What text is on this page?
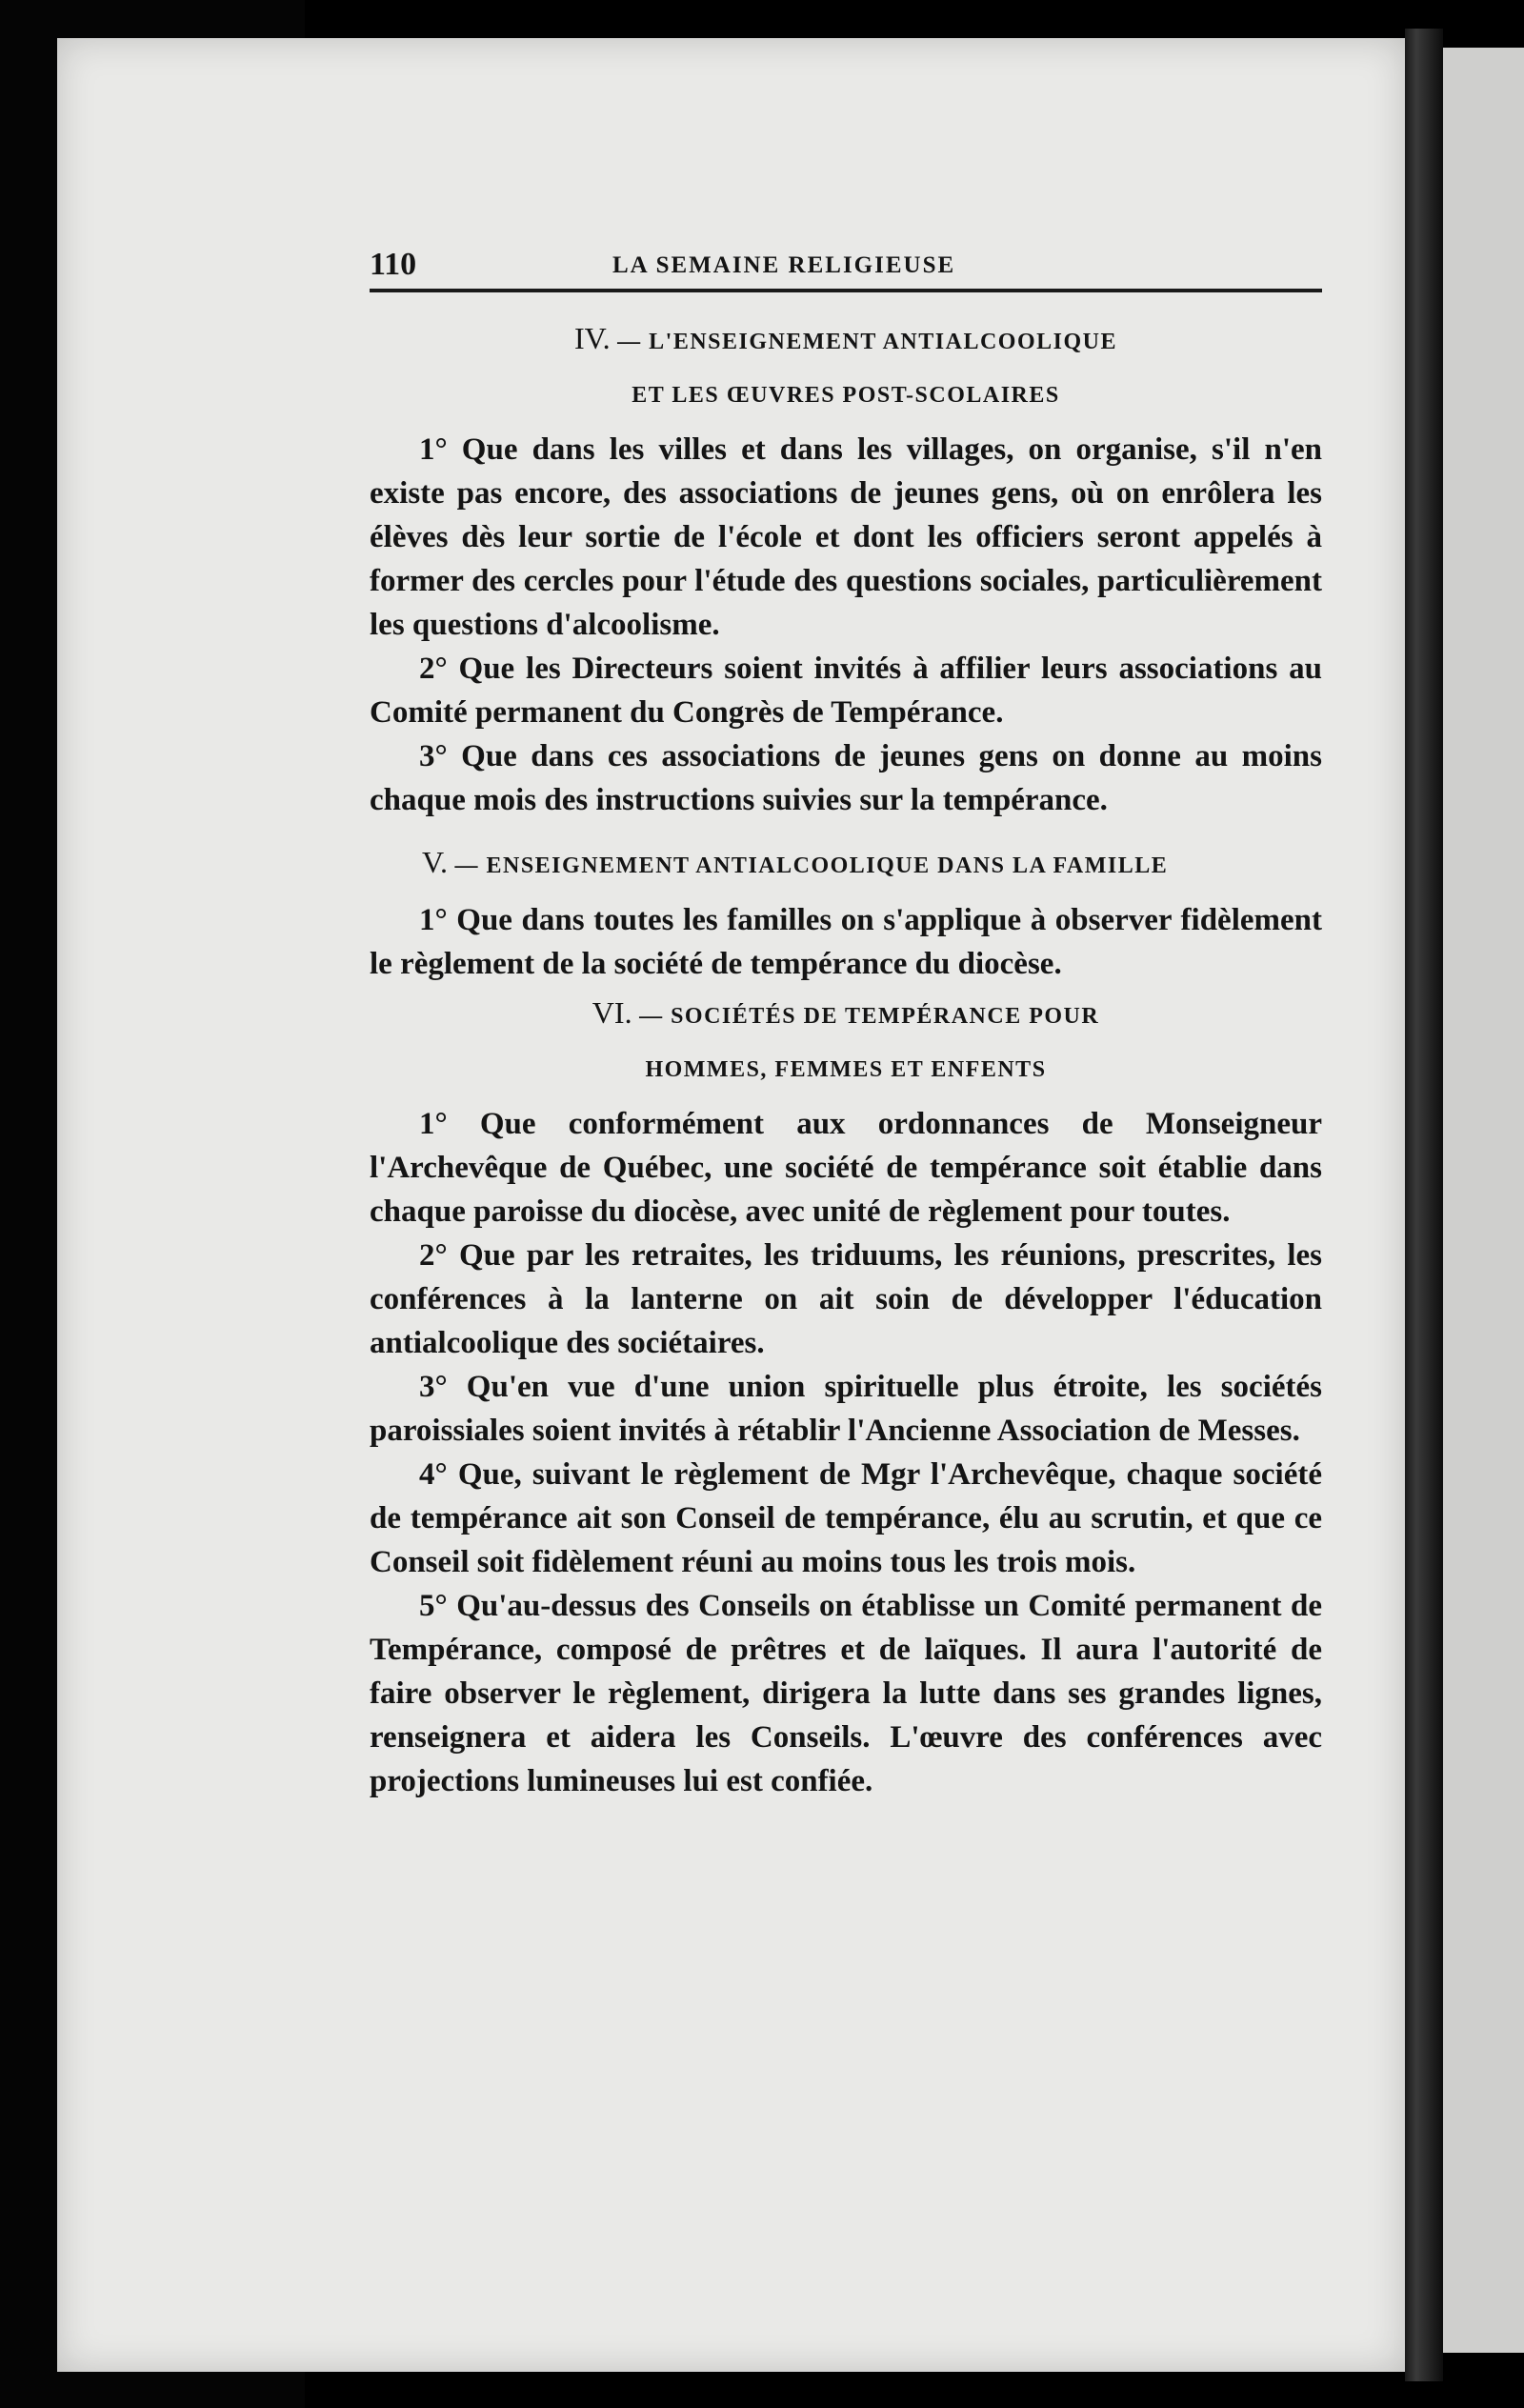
110	LA SEMAINE RELIGIEUSE
IV. — L'ENSEIGNEMENT ANTIALCOOLIQUE
ET LES ŒUVRES POST-SCOLAIRES

1° Que dans les villes et dans les villages, on organise, s'il n'en existe pas encore, des associations de jeunes gens, où on enrôlera les élèves dès leur sortie de l'école et dont les officiers seront appelés à former des cercles pour l'étude des questions sociales, particulièrement les questions d'alcoolisme.

2° Que les Directeurs soient invités à affilier leurs associations au Comité permanent du Congrès de Tempérance.

3° Que dans ces associations de jeunes gens on donne au moins chaque mois des instructions suivies sur la tempérance.

V. — ENSEIGNEMENT ANTIALCOOLIQUE DANS LA FAMILLE

1° Que dans toutes les familles on s'applique à observer fidèlement le règlement de la société de tempérance du diocèse.

VI. — SOCIÉTÉS DE TEMPÉRANCE POUR
HOMMES, FEMMES ET ENFENTS

1° Que conformément aux ordonnances de Monseigneur l'Archevêque de Québec, une société de tempérance soit établie dans chaque paroisse du diocèse, avec unité de règlement pour toutes.

2° Que par les retraites, les triduums, les réunions, prescrites, les conférences à la lanterne on ait soin de développer l'éducation antialcoolique des sociétaires.

3° Qu'en vue d'une union spirituelle plus étroite, les sociétés paroissiales soient invités à rétablir l'Ancienne Association de Messes.

4° Que, suivant le règlement de Mgr l'Archevêque, chaque société de tempérance ait son Conseil de tempérance, élu au scrutin, et que ce Conseil soit fidèlement réuni au moins tous les trois mois.

5° Qu'au-dessus des Conseils on établisse un Comité permanent de Tempérance, composé de prêtres et de laïques. Il aura l'autorité de faire observer le règlement, dirigera la lutte dans ses grandes lignes, renseignera et aidera les Conseils. L'œuvre des conférences avec projections lumineuses lui est confiée.
